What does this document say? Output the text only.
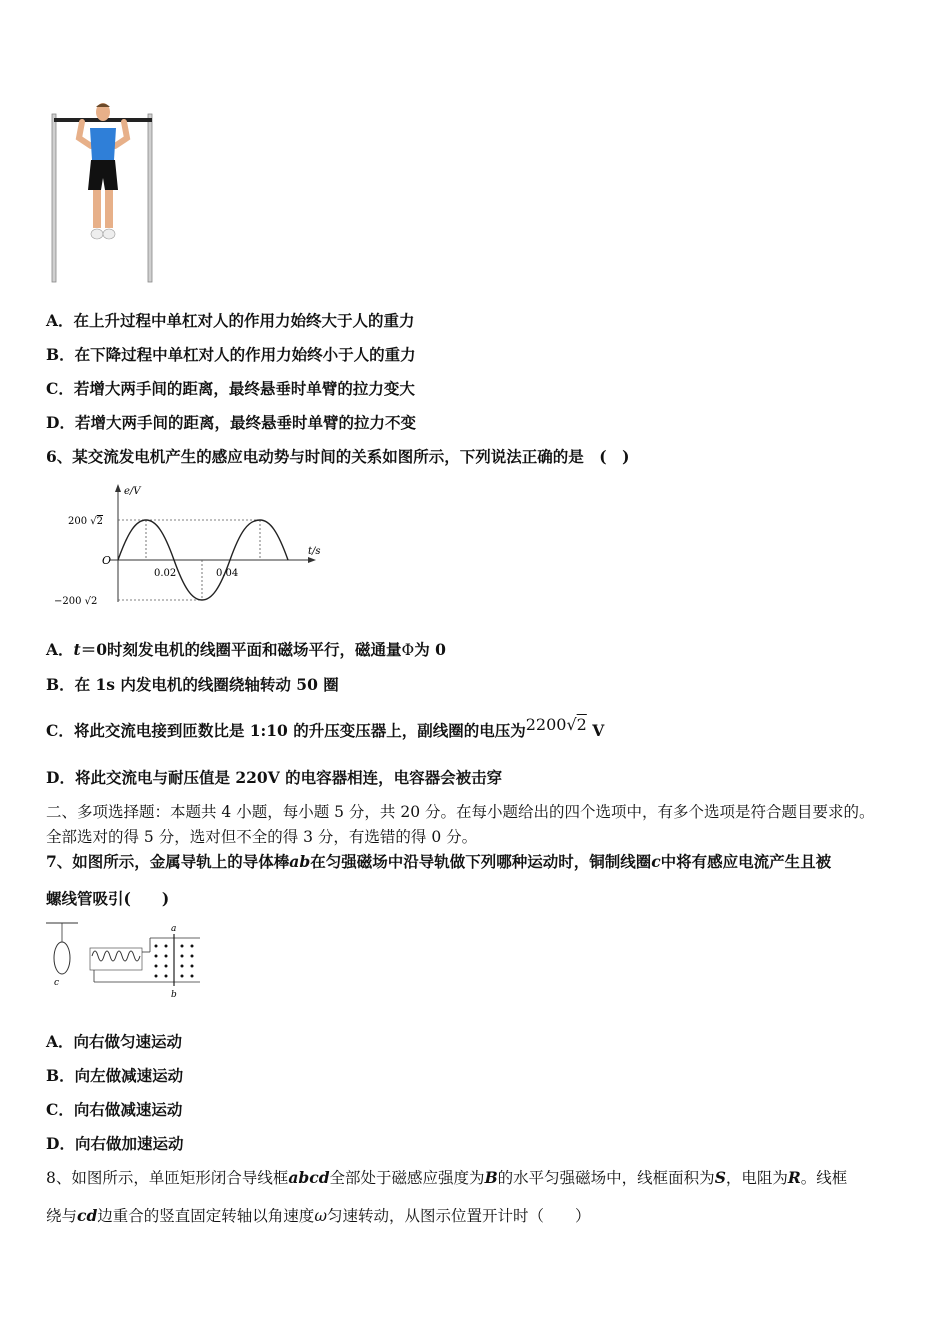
A．在上升过程中单杠对人的作用力始终大于人的重力
B．在下降过程中单杠对人的作用力始终小于人的重力
C．若增大两手间的距离，最终悬垂时单臂的拉力变大
D．若增大两手间的距离，最终悬垂时单臂的拉力不变
6、某交流发电机产生的感应电动势与时间的关系如图所示，下列说法正确的是　(　)
e/V
t/s
O
200 √2
−200 √2
0.02	0.04
A．t＝0时刻发电机的线圈平面和磁场平行，磁通量Φ为 0
B．在 1s 内发电机的线圈绕轴转动 50 圈
C．将此交流电接到匝数比是 1:10 的升压变压器上，副线圈的电压为2200√2 V
D．将此交流电与耐压值是 220V 的电容器相连，电容器会被击穿
二、多项选择题：本题共 4 小题，每小题 5 分，共 20 分。在每小题给出的四个选项中，有多个选项是符合题目要求的。
全部选对的得 5 分，选对但不全的得 3 分，有选错的得 0 分。
7、如图所示，金属导轨上的导体棒ab在匀强磁场中沿导轨做下列哪种运动时，铜制线圈c中将有感应电流产生且被
螺线管吸引(　　)
c
a
b
A．向右做匀速运动
B．向左做减速运动
C．向右做减速运动
D．向右做加速运动
8、如图所示，单匝矩形闭合导线框abcd全部处于磁感应强度为B的水平匀强磁场中，线框面积为S，电阻为R。线框
绕与cd边重合的竖直固定转轴以角速度ω匀速转动，从图示位置开计时（　　）
